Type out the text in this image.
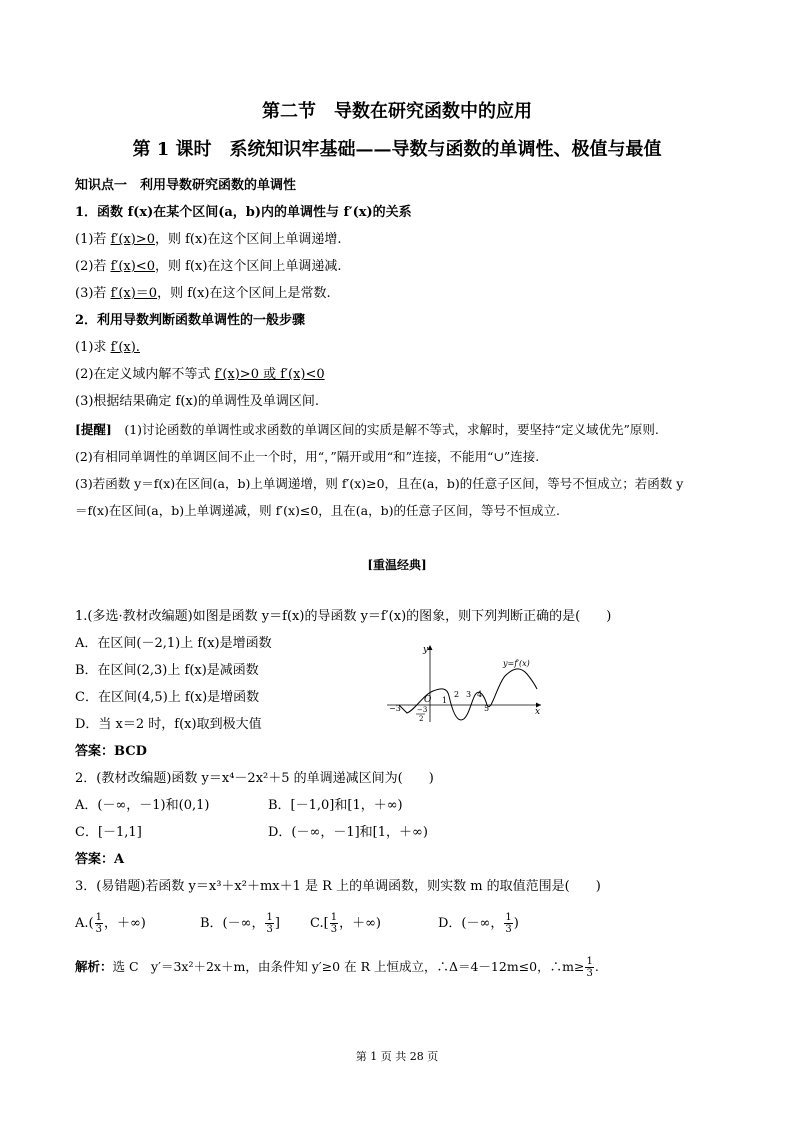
第二节　导数在研究函数中的应用
第 1 课时　系统知识牢基础——导数与函数的单调性、极值与最值
知识点一　利用导数研究函数的单调性
1．函数 f(x)在某个区间(a，b)内的单调性与 f′(x)的关系
(1)若 f′(x)>0，则 f(x)在这个区间上单调递增.
(2)若 f′(x)<0，则 f(x)在这个区间上单调递减.
(3)若 f′(x)＝0，则 f(x)在这个区间上是常数.
2．利用导数判断函数单调性的一般步骤
(1)求 f′(x).
(2)在定义域内解不等式 f′(x)>0 或 f′(x)<0
(3)根据结果确定 f(x)的单调性及单调区间.
[提醒]　(1)讨论函数的单调性或求函数的单调区间的实质是解不等式，求解时，要坚持“定义域优先”原则.
(2)有相同单调性的单调区间不止一个时，用“，”隔开或用“和”连接，不能用“∪”连接.
(3)若函数 y＝f(x)在区间(a，b)上单调递增，则 f′(x)≥0，且在(a，b)的任意子区间，等号不恒成立；若函数 y
＝f(x)在区间(a，b)上单调递减，则 f′(x)≤0，且在(a，b)的任意子区间，等号不恒成立.
[重温经典]
1.(多选·教材改编题)如图是函数 y＝f(x)的导函数 y＝f′(x)的图象，则下列判断正确的是(　　)
A．在区间(－2,1)上 f(x)是增函数
B．在区间(2,3)上 f(x)是减函数
C．在区间(4,5)上 f(x)是增函数
D．当 x＝2 时，f(x)取到极大值
答案：BCD
y
x
O
y=f′(x)
−3
1
2 3 4
5
−3
2
2．(教材改编题)函数 y＝x⁴－2x²＋5 的单调递减区间为(　　)
A．(－∞，－1)和(0,1)	B．[－1,0]和[1，＋∞)
C．[－1,1]	D．(－∞，－1]和[1，＋∞)
答案：A
3．(易错题)若函数 y＝x³＋x²＋mx＋1 是 R 上的单调函数，则实数 m 的取值范围是(　　)
$A.( \frac{1}{3}$ ，＋∞)	B．(－∞， $\frac{1}{3}$ ] $C.[ \frac{1}{3}$ ，＋∞)	D．(－∞， $\frac{1}{3}$ )
解析：选 C　y′＝3x²＋2x＋m，由条件知 y′≥0 在 R 上恒成立，∴Δ＝4－12m≤0，∴m≥ $\frac{1}{3}$ .
第 1 页 共 28 页
